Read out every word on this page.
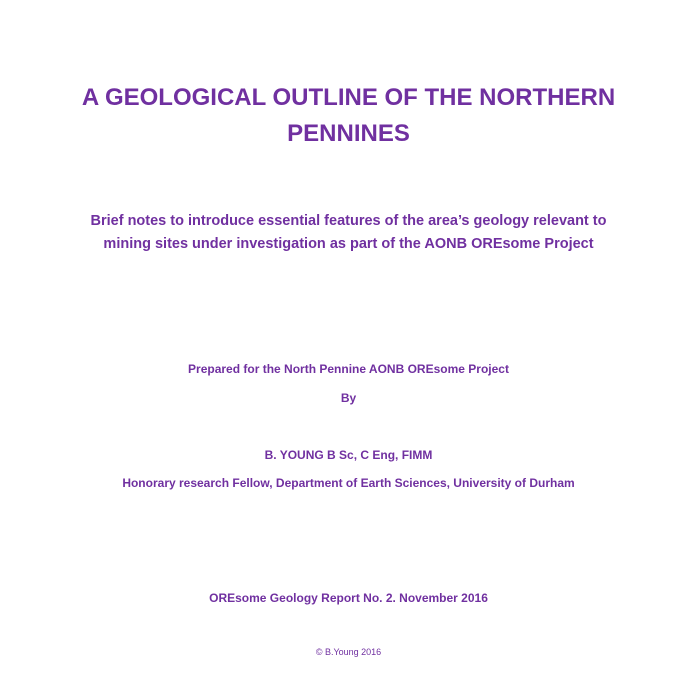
A GEOLOGICAL OUTLINE OF THE NORTHERN
PENNINES
Brief notes to introduce essential features of the area’s geology relevant to
mining sites under investigation as part of the AONB OREsome Project
Prepared for the North Pennine AONB OREsome Project
By
B. YOUNG B Sc, C Eng, FIMM
Honorary research Fellow, Department of Earth Sciences, University of Durham
OREsome Geology Report No. 2. November 2016
© B.Young 2016
